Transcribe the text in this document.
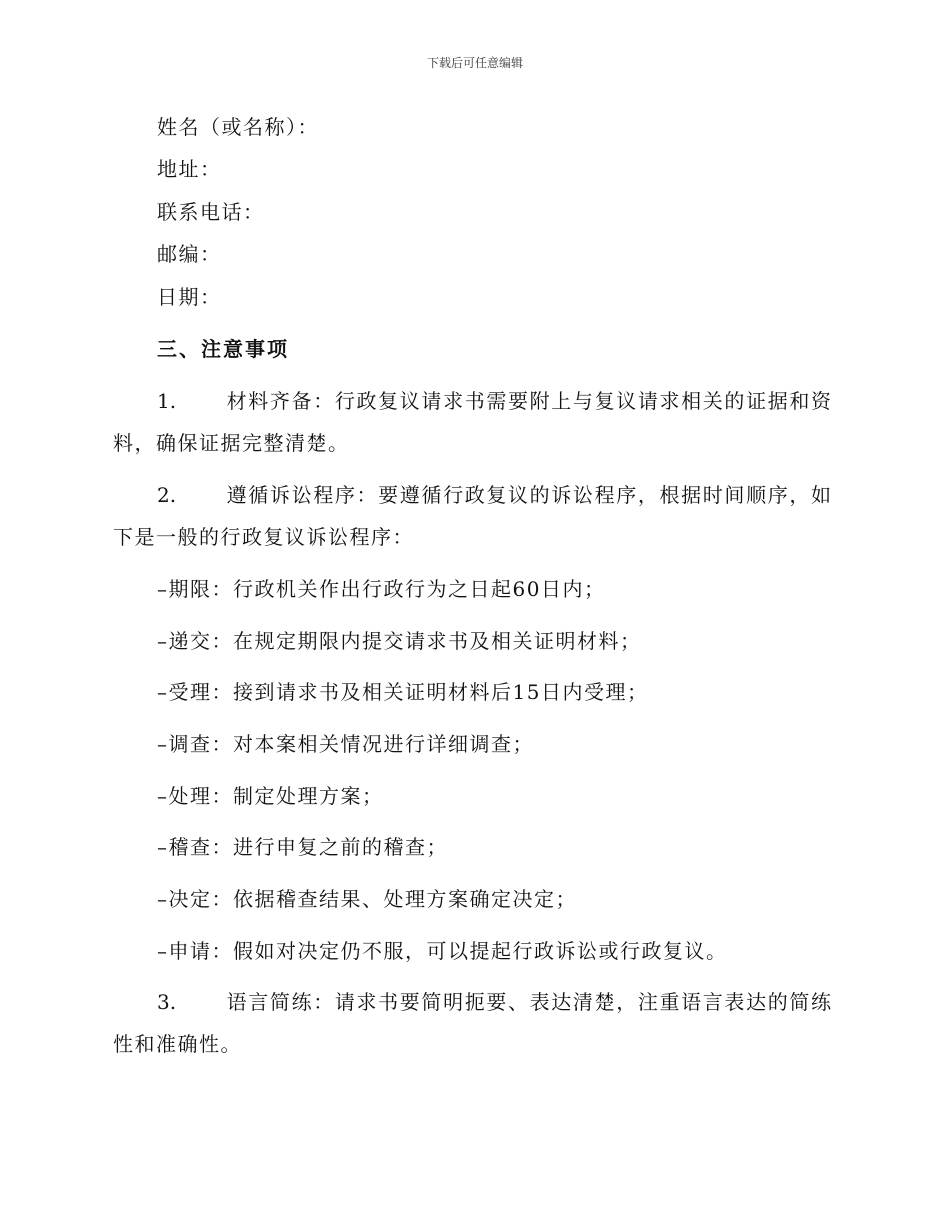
下载后可任意编辑
姓名（或名称）：
地址：
联系电话：
邮编：
日期：
三、注意事项
1. 材料齐备：行政复议请求书需要附上与复议请求相关的证据和资
料，确保证据完整清楚。
2. 遵循诉讼程序：要遵循行政复议的诉讼程序，根据时间顺序，如
下是一般的行政复议诉讼程序：
–期限：行政机关作出行政行为之日起60日内；
–递交：在规定期限内提交请求书及相关证明材料；
–受理：接到请求书及相关证明材料后15日内受理；
–调查：对本案相关情况进行详细调查；
–处理：制定处理方案；
–稽查：进行申复之前的稽查；
–决定：依据稽查结果、处理方案确定决定；
–申请：假如对决定仍不服，可以提起行政诉讼或行政复议。
3. 语言简练：请求书要简明扼要、表达清楚，注重语言表达的简练
性和准确性。
